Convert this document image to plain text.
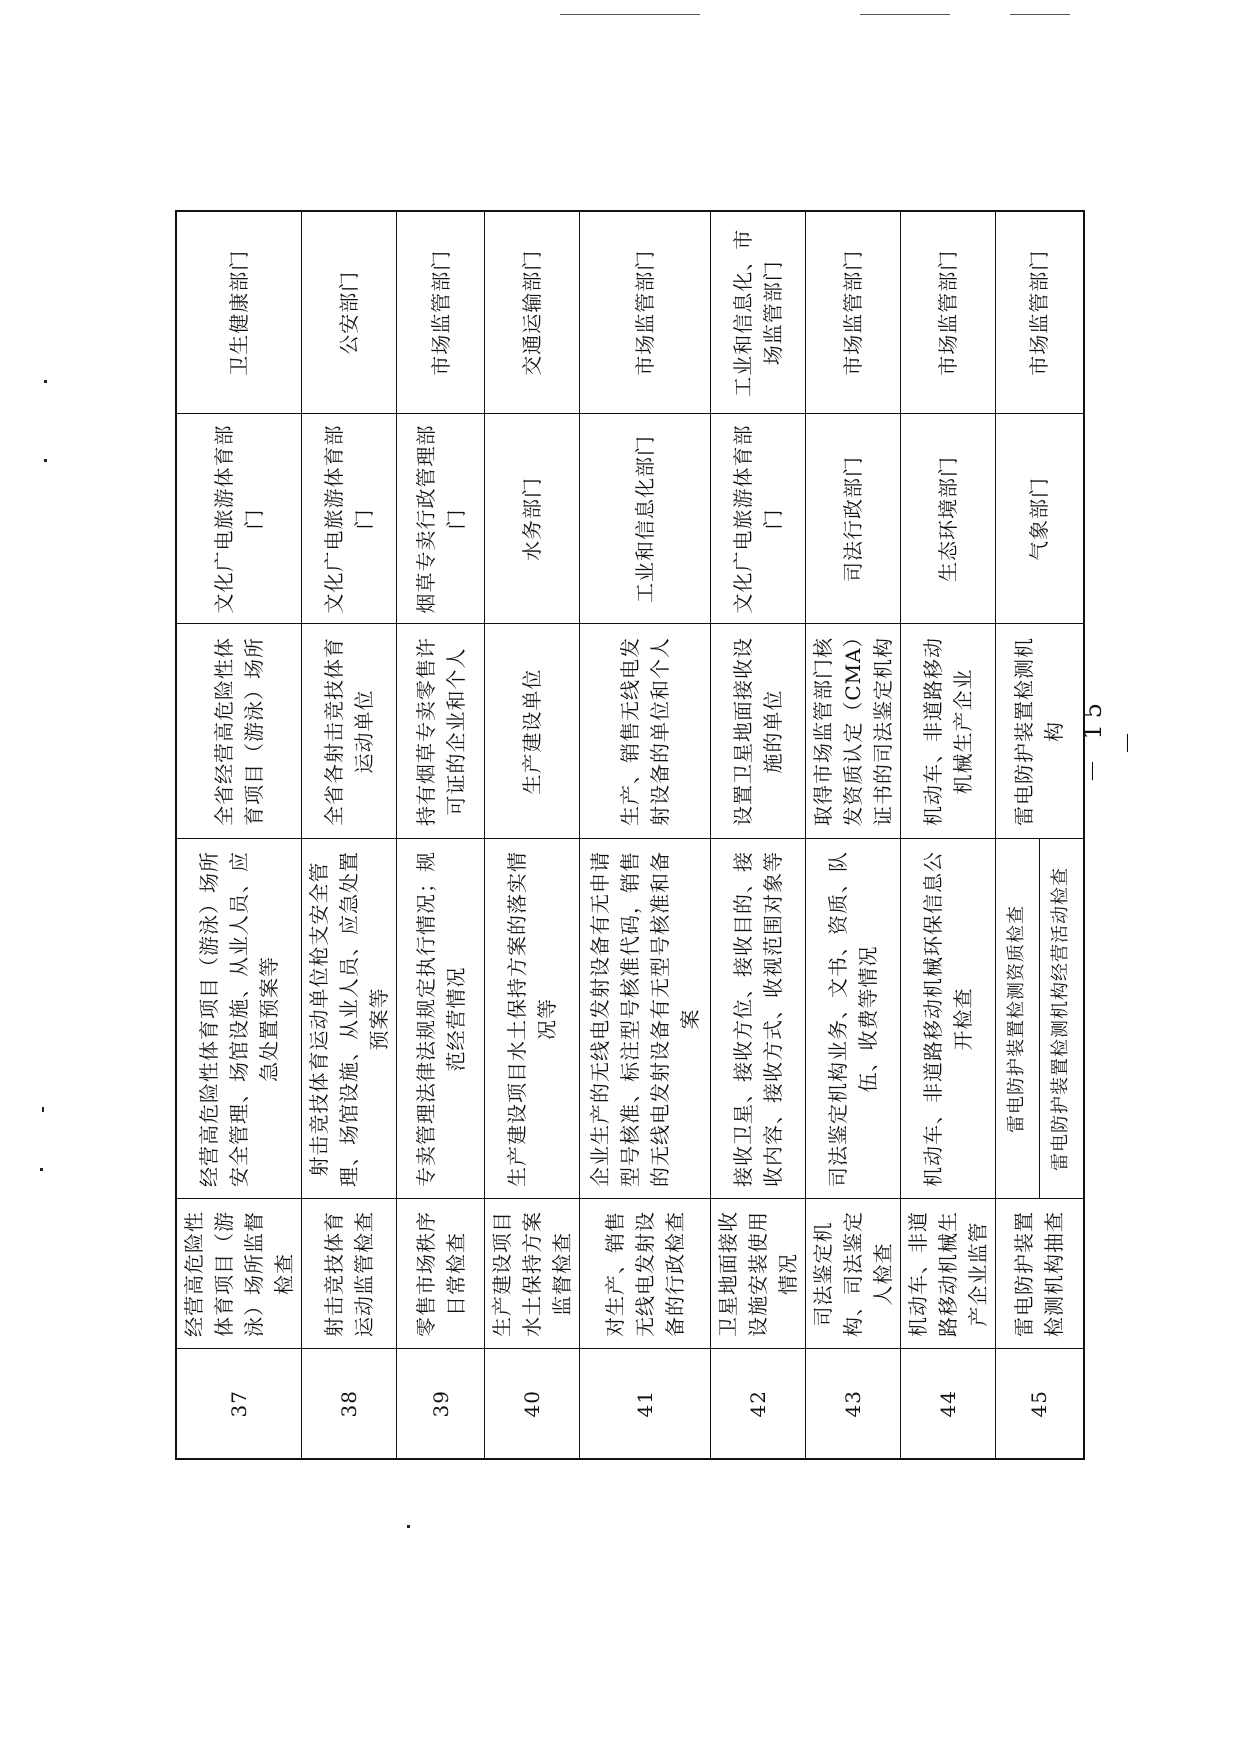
－ 15 －
37	经营高危险性体育项目（游泳）场所监督检查	经营高危险性体育项目（游泳）场所安全管理、场馆设施、从业人员、应急处置预案等	全省经营高危险性体育项目（游泳）场所	文化广电旅游体育部门	卫生健康部门
38	射击竞技体育运动监管检查	射击竞技体育运动单位枪支安全管理、场馆设施、从业人员、应急处置预案等	全省各射击竞技体育运动单位	文化广电旅游体育部门	公安部门
39	零售市场秩序日常检查	专卖管理法律法规规定执行情况；规范经营情况	持有烟草专卖零售许可证的企业和个人	烟草专卖行政管理部门	市场监管部门
40	生产建设项目水土保持方案监督检查	生产建设项目水土保持方案的落实情况等	生产建设单位	水务部门	交通运输部门
41	对生产、销售无线电发射设备的行政检查	企业生产的无线电发射设备有无申请型号核准、标注型号核准代码，销售的无线电发射设备有无型号核准和备案	生产、销售无线电发射设备的单位和个人	工业和信息化部门	市场监管部门
42	卫星地面接收设施安装使用情况	接收卫星、接收方位、接收目的、接收内容、接收方式、收视范围对象等	设置卫星地面接收设施的单位	文化广电旅游体育部门	工业和信息化、市场监管部门
43	司法鉴定机构、司法鉴定人检查	司法鉴定机构业务、文书、资质、队伍、收费等情况	取得市场监管部门核发资质认定（CMA）证书的司法鉴定机构	司法行政部门	市场监管部门
44	机动车、非道路移动机械生产企业监管	机动车、非道路移动机械环保信息公开检查	机动车、非道路移动机械生产企业	生态环境部门	市场监管部门
45	雷电防护装置检测机构抽查	雷电防护装置检测资质检查 雷电防护装置检测机构经营活动检查	雷电防护装置检测机构	气象部门	市场监管部门
